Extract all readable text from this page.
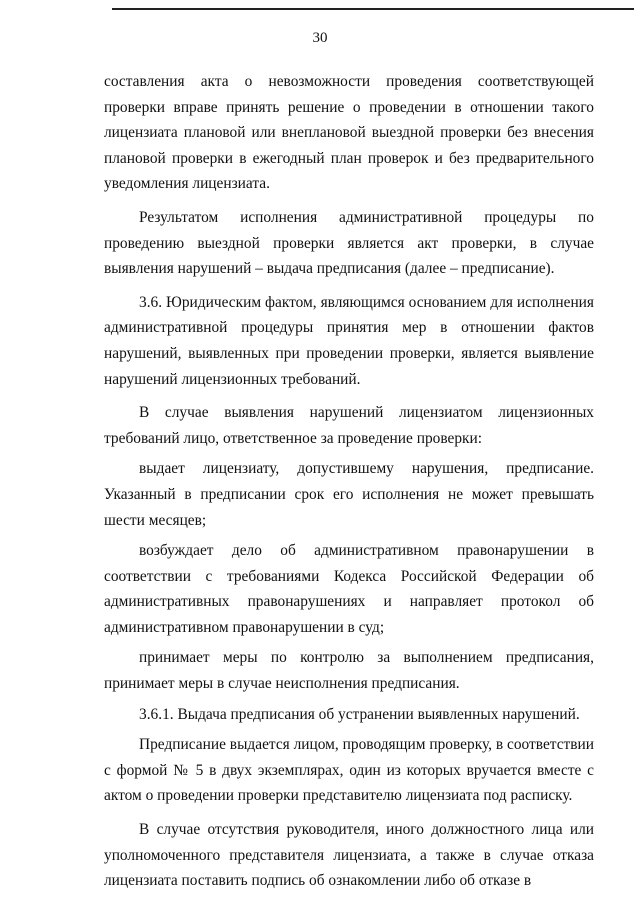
30

составления акта о невозможности проведения соответствующей проверки вправе принять решение о проведении в отношении такого лицензиата плановой или внеплановой выездной проверки без внесения плановой проверки в ежегодный план проверок и без предварительного уведомления лицензиата.

Результатом исполнения административной процедуры по проведению выездной проверки является акт проверки, в случае выявления нарушений – выдача предписания (далее – предписание).

3.6. Юридическим фактом, являющимся основанием для исполнения административной процедуры принятия мер в отношении фактов нарушений, выявленных при проведении проверки, является выявление нарушений лицензионных требований.

В случае выявления нарушений лицензиатом лицензионных требований лицо, ответственное за проведение проверки:

выдает лицензиату, допустившему нарушения, предписание. Указанный в предписании срок его исполнения не может превышать шести месяцев;

возбуждает дело об административном правонарушении в соответствии с требованиями Кодекса Российской Федерации об административных правонарушениях и направляет протокол об административном правонарушении в суд;

принимает меры по контролю за выполнением предписания, принимает меры в случае неисполнения предписания.

3.6.1. Выдача предписания об устранении выявленных нарушений.

Предписание выдается лицом, проводящим проверку, в соответствии с формой № 5 в двух экземплярах, один из которых вручается вместе с актом о проведении проверки представителю лицензиата под расписку.

В случае отсутствия руководителя, иного должностного лица или уполномоченного представителя лицензиата, а также в случае отказа лицензиата поставить подпись об ознакомлении либо об отказе в
